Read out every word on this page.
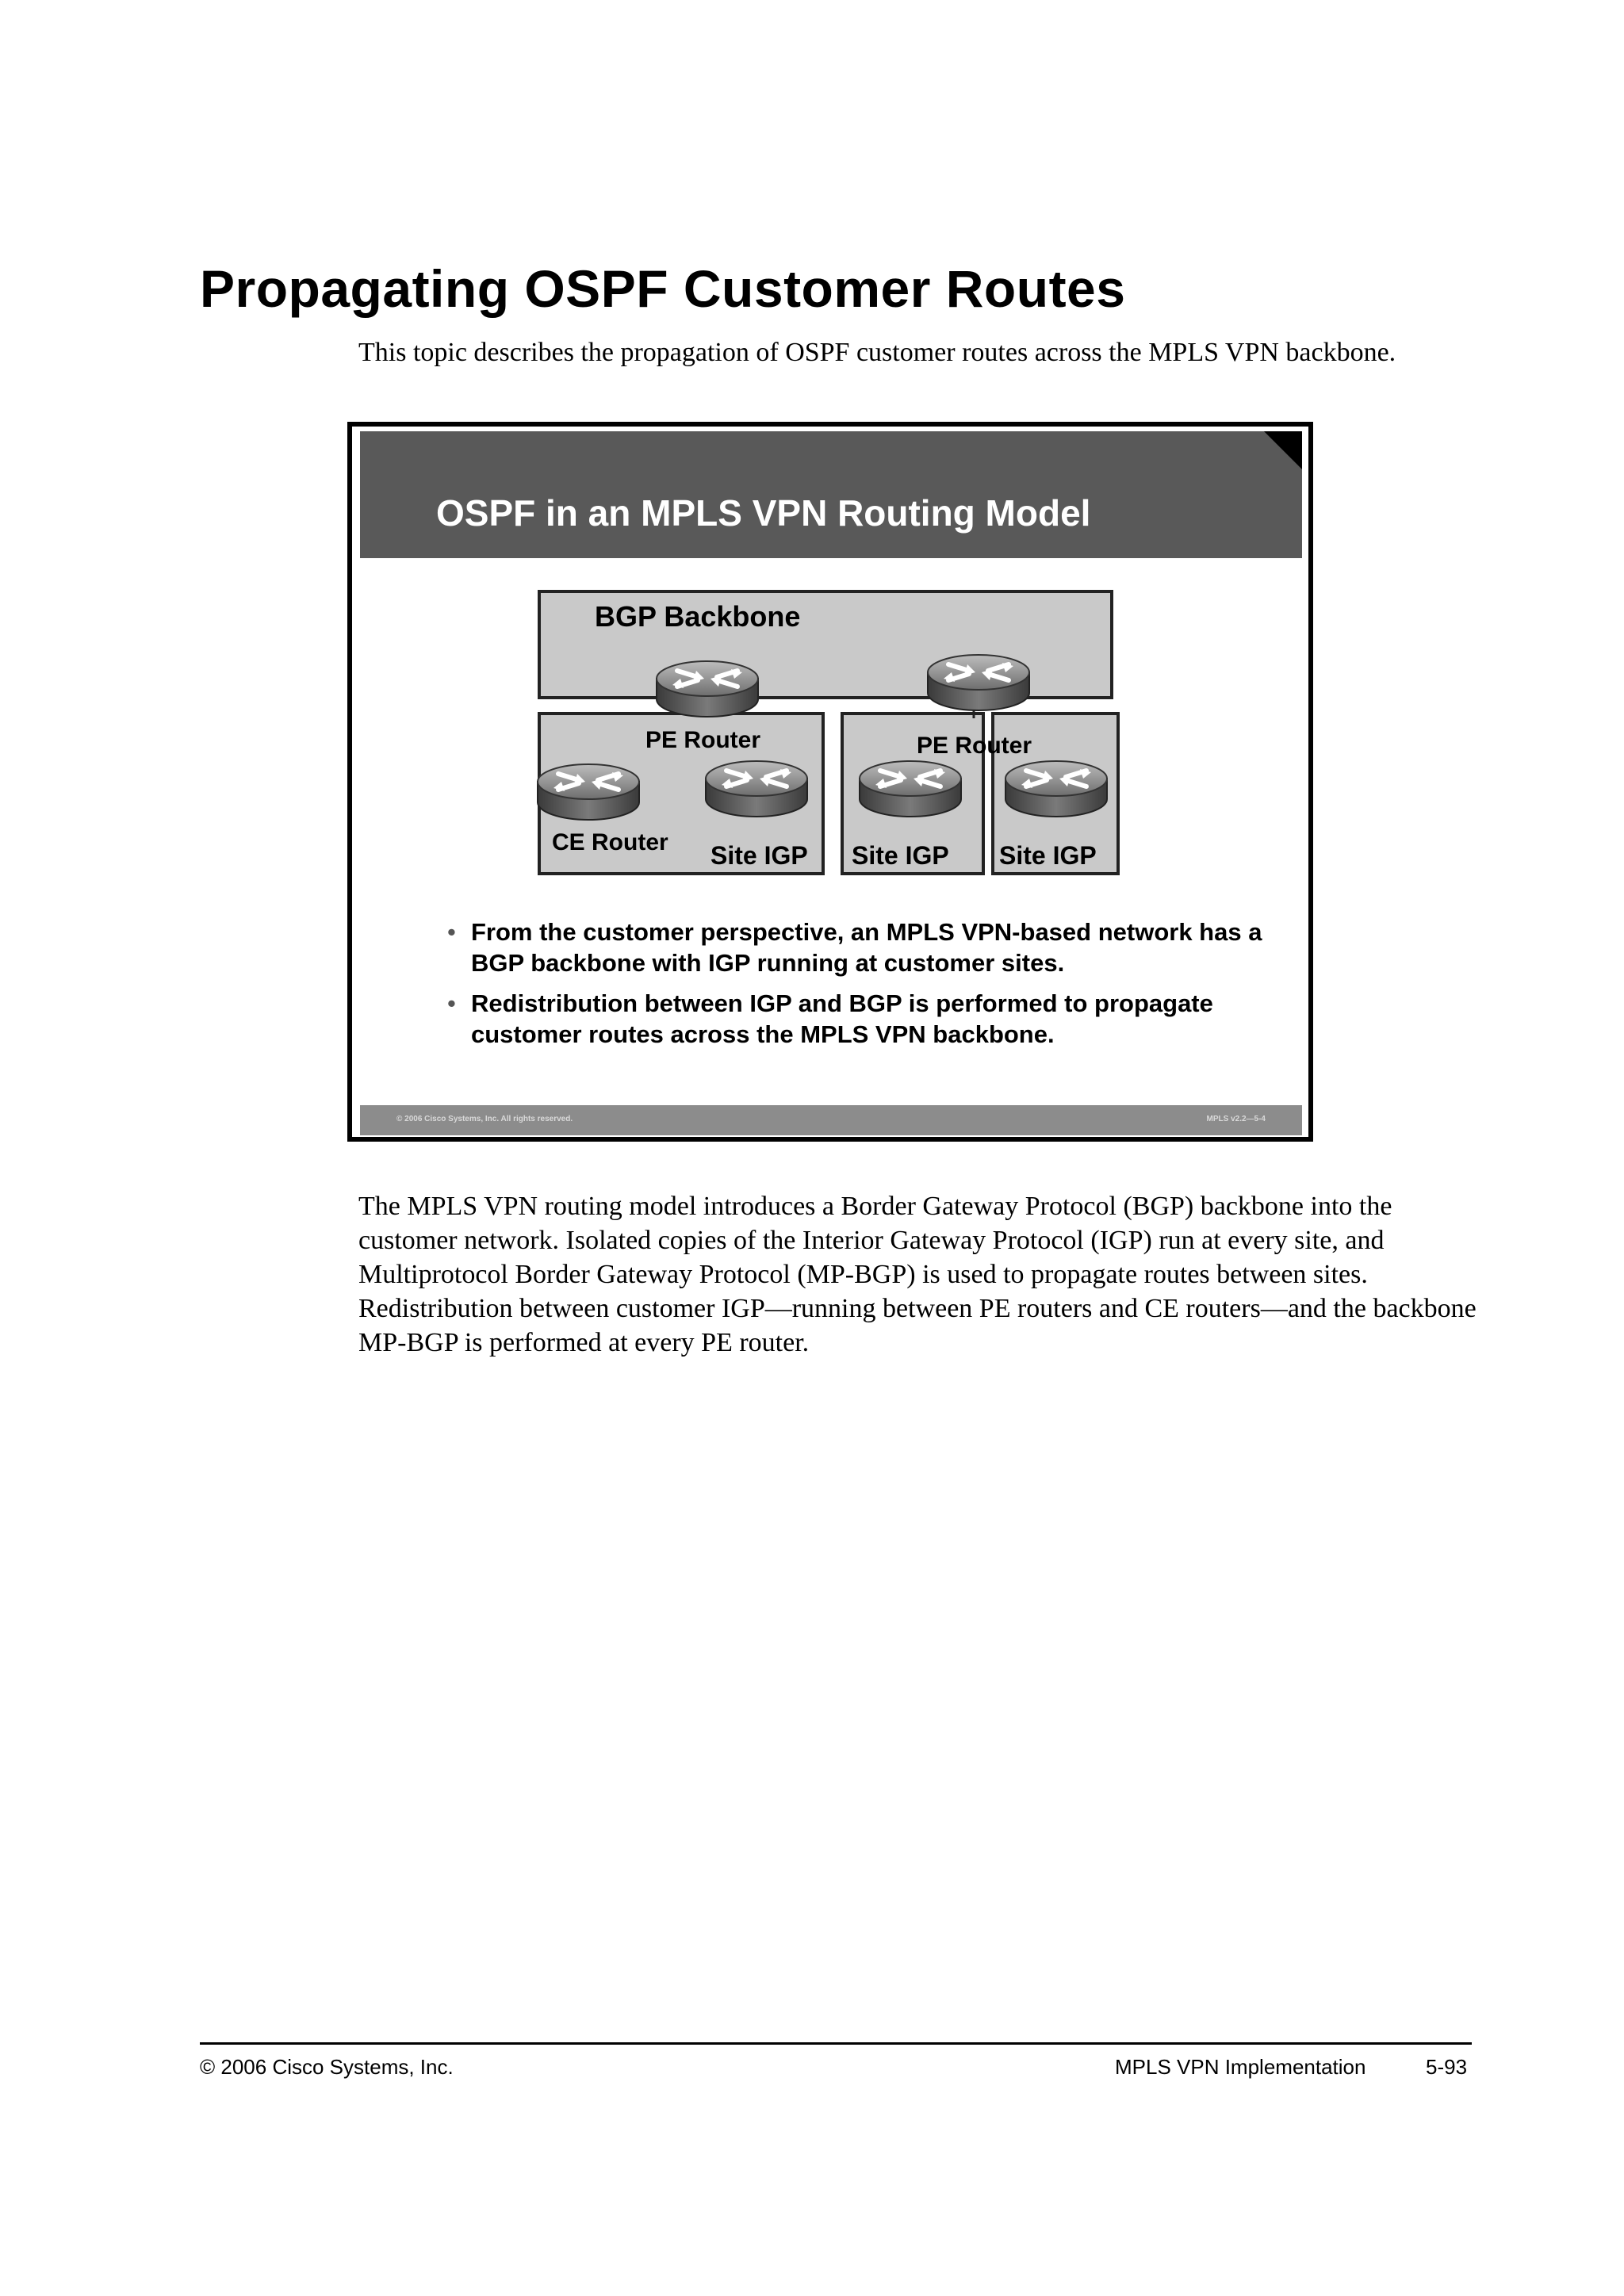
Propagating OSPF Customer Routes
This topic describes the propagation of OSPF customer routes across the MPLS VPN backbone.
OSPF in an MPLS VPN Routing Model
BGP Backbone
PE Router	PE Router
CE Router Site IGP Site IGP Site IGP
• From the customer perspective, an MPLS VPN-based network has a BGP backbone with IGP running at customer sites.
• Redistribution between IGP and BGP is performed to propagate customer routes across the MPLS VPN backbone.
© 2006 Cisco Systems, Inc. All rights reserved.	MPLS v2.2—5-4
The MPLS VPN routing model introduces a Border Gateway Protocol (BGP) backbone into the customer network. Isolated copies of the Interior Gateway Protocol (IGP) run at every site, and Multiprotocol Border Gateway Protocol (MP-BGP) is used to propagate routes between sites. Redistribution between customer IGP—running between PE routers and CE routers—and the backbone MP-BGP is performed at every PE router.
© 2006 Cisco Systems, Inc.	MPLS VPN Implementation	5-93
